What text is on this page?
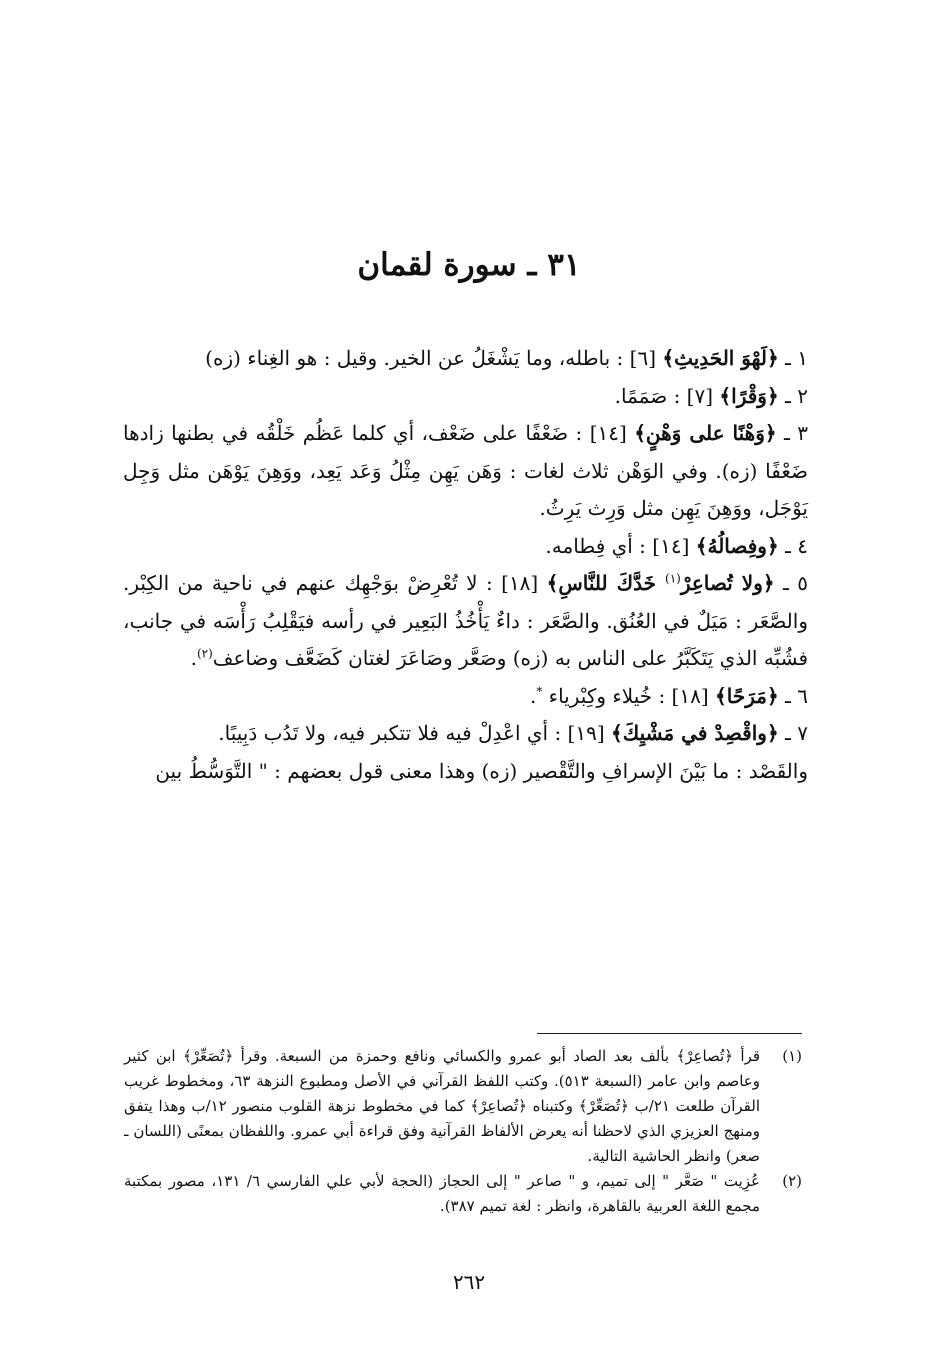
٣١ ـ سورة لقمان

١ ـ ﴿لَهْوَ الحَدِيثِ﴾ [٦] : باطله، وما يَشْغَلُ عن الخير. وقيل : هو الغِناء (زه)

٢ ـ ﴿وَقْرًا﴾ [٧] : صَمَمًا.

٣ ـ ﴿وَهْنًا على وَهْنٍ﴾ [١٤] : ضَعْفًا على ضَعْف، أي كلما عَظُم خَلْقُه في بطنها زادها ضَعْفًا (زه). وفي الوَهْن ثلاث لغات : وَهَن يَهِن مِثْلُ وَعَد يَعِد، ووَهِنَ يَوْهَن مثل وَجِل يَوْجَل، ووَهِنَ يَهِن مثل وَرِث يَرِثُ.

٤ ـ ﴿وفِصالُهُ﴾ [١٤] : أي فِطامه.

٥ ـ ﴿ولا تُصاعِرْ$^{(١)}$ خَدَّكَ للنَّاسِ﴾ [١٨] : لا تُعْرِضْ بوَجْهِك عنهم في ناحية من الكِبْر. والصَّعَر : مَيَلٌ في العُنُق. والصَّعَر : داءٌ يَأْخُذُ البَعِير في رأسه فيَقْلِبُ رَأْسَه في جانب، فشُبِّه الذي يَتَكَبَّرُ على الناس به (زه) وصَعَّر وصَاعَرَ لغتان كَضَعَّف وضاعف$^{(٢)}$.

٦ ـ ﴿مَرَحًا﴾ [١٨] : خُيلاء وكِبْرياء *.

٧ ـ ﴿واقْصِدْ في مَشْيِكَ﴾ [١٩] : أي اعْدِلْ فيه فلا تتكبر فيه، ولا تَدُب دَبِيبًا.

والقَصْد : ما بَيْنَ الإسرافِ والتَّقْصير (زه) وهذا معنى قول بعضهم : " التَّوَسُّطُ بين

(١)
قرأ ﴿تُصاعِرْ﴾ بألف بعد الصاد أبو عمرو والكسائي ونافع وحمزة من السبعة. وقرأ ﴿تُصَعِّرْ﴾ ابن كثير وعاصم وابن عامر (السبعة ٥١٣). وكتب اللفظ القرآني في الأصل ومطبوع النزهة ٦٣، ومخطوط غريب القرآن طلعت ٢١/ب ﴿تُصَعِّرْ﴾ وكتبناه ﴿تُصاعِرْ﴾ كما في مخطوط نزهة القلوب منصور ١٢/ب وهذا يتفق ومنهج العزيزي الذي لاحظنا أنه يعرض الألفاظ القرآنية وفق قراءة أبي عمرو. واللفظان بمعنًى (اللسان ـ صعر) وانظر الحاشية التالية.
(٢)
عُزِيت " صَعَّر " إلى تميم، و " صاعر " إلى الحجاز (الحجة لأبي علي الفارسي ٦/ ١٣١، مصور بمكتبة مجمع اللغة العربية بالقاهرة، وانظر : لغة تميم ٣٨٧).
٢٦٢
